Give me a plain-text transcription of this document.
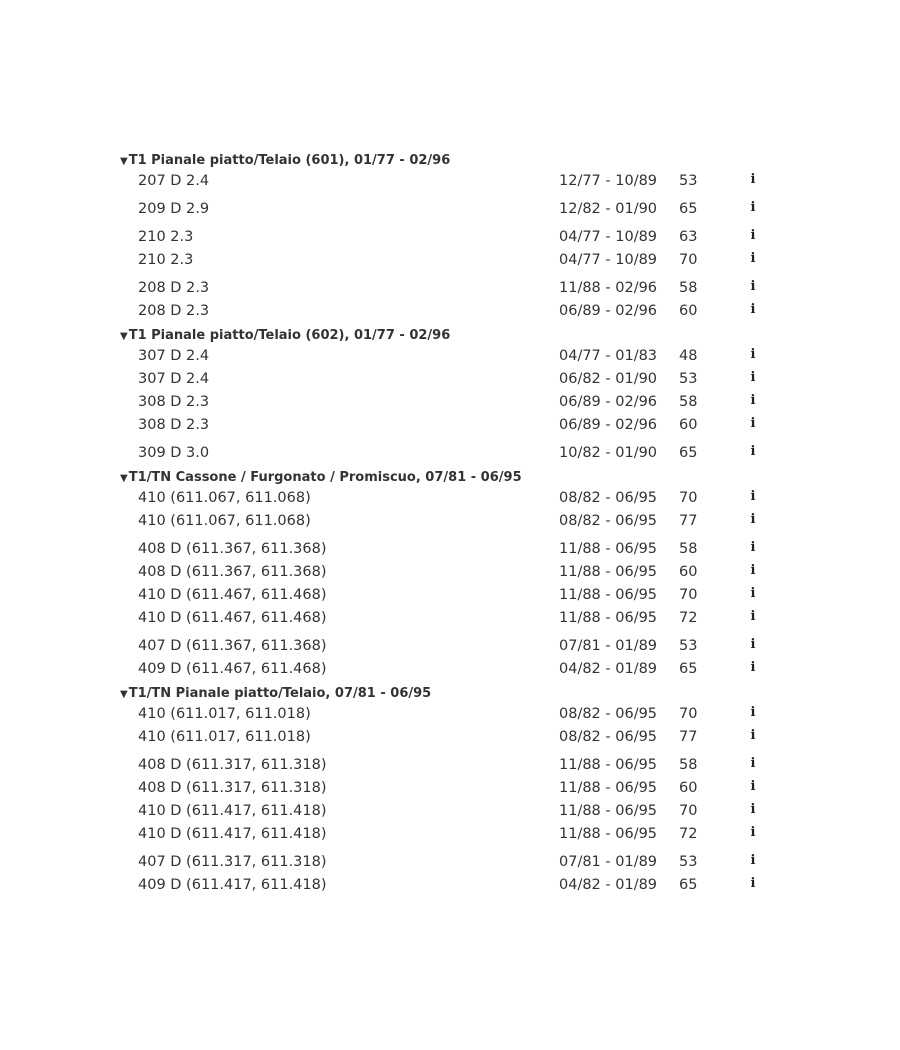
▼T1 Pianale piatto/Telaio (601), 01/77 - 02/96
207 D 2.4	12/77 - 10/89 53	i
209 D 2.9	12/82 - 01/90 65	i
210 2.3	04/77 - 10/89 63	i
210 2.3	04/77 - 10/89 70	i
208 D 2.3	11/88 - 02/96 58	i
208 D 2.3	06/89 - 02/96 60	i
▼T1 Pianale piatto/Telaio (602), 01/77 - 02/96
307 D 2.4	04/77 - 01/83 48	i
307 D 2.4	06/82 - 01/90 53	i
308 D 2.3	06/89 - 02/96 58	i
308 D 2.3	06/89 - 02/96 60	i
309 D 3.0	10/82 - 01/90 65	i
▼T1/TN Cassone / Furgonato / Promiscuo, 07/81 - 06/95
410 (611.067, 611.068)	08/82 - 06/95 70	i
410 (611.067, 611.068)	08/82 - 06/95 77	i
408 D (611.367, 611.368)	11/88 - 06/95 58	i
408 D (611.367, 611.368)	11/88 - 06/95 60	i
410 D (611.467, 611.468)	11/88 - 06/95 70	i
410 D (611.467, 611.468)	11/88 - 06/95 72	i
407 D (611.367, 611.368)	07/81 - 01/89 53	i
409 D (611.467, 611.468)	04/82 - 01/89 65	i
▼T1/TN Pianale piatto/Telaio, 07/81 - 06/95
410 (611.017, 611.018)	08/82 - 06/95 70	i
410 (611.017, 611.018)	08/82 - 06/95 77	i
408 D (611.317, 611.318)	11/88 - 06/95 58	i
408 D (611.317, 611.318)	11/88 - 06/95 60	i
410 D (611.417, 611.418)	11/88 - 06/95 70	i
410 D (611.417, 611.418)	11/88 - 06/95 72	i
407 D (611.317, 611.318)	07/81 - 01/89 53	i
409 D (611.417, 611.418)	04/82 - 01/89 65	i
